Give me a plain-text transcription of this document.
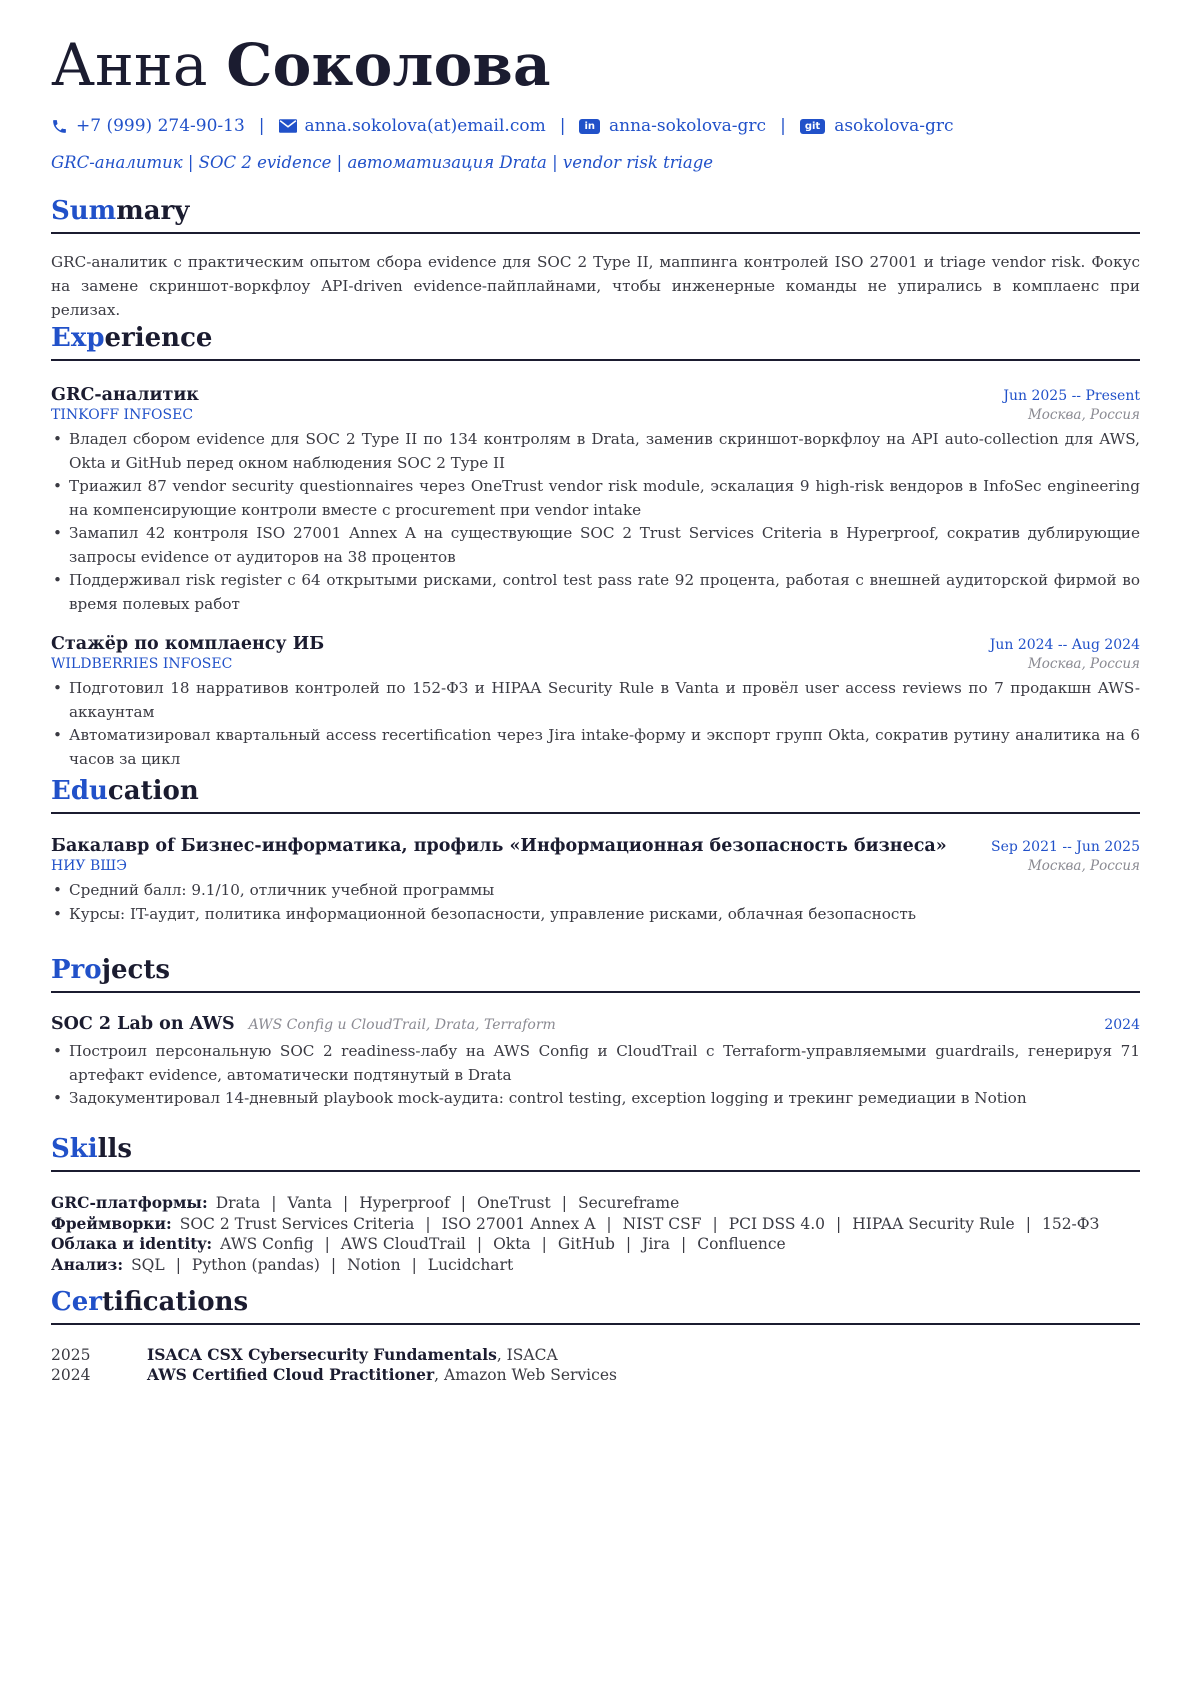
Анна Соколова
+7 (999) 274-90-13 | anna.sokolova(at)email.com |	in anna-sokolova-grc |	git asokolova-grc
GRC-аналитик | SOC 2 evidence | автоматизация Drata | vendor risk triage
Summary

GRC-аналитик с практическим опытом сбора evidence для SOC 2 Type II, маппинга контролей ISO 27001 и triage vendor risk. Фокус на замене скриншот-воркфлоу API-driven evidence-пайплайнами, чтобы инженерные команды не упирались в комплаенс при релизах.

Experience
GRC-аналитик	Jun 2025 -- Present
TINKOFF INFOSEC	Москва, Россия
• Владел сбором evidence для SOC 2 Type II по 134 контролям в Drata, заменив скриншот-воркфлоу на API auto-collection для AWS, Okta и GitHub перед окном наблюдения SOC 2 Type II
• Триажил 87 vendor security questionnaires через OneTrust vendor risk module, эскалация 9 high-risk вендоров в InfoSec engineering на компенсирующие контроли вместе с procurement при vendor intake
• Замапил 42 контроля ISO 27001 Annex A на существующие SOC 2 Trust Services Criteria в Hyperproof, сократив дублирующие запросы evidence от аудиторов на 38 процентов
• Поддерживал risk register с 64 открытыми рисками, control test pass rate 92 процента, работая с внешней аудиторской фирмой во время полевых работ
Стажёр по комплаенсу ИБ	Jun 2024 -- Aug 2024
WILDBERRIES INFOSEC	Москва, Россия
• Подготовил 18 нарративов контролей по 152-ФЗ и HIPAA Security Rule в Vanta и провёл user access reviews по 7 продакшн AWS-аккаунтам
• Автоматизировал квартальный access recertification через Jira intake-форму и экспорт групп Okta, сократив рутину аналитика на 6 часов за цикл
Education
Бакалавр of Бизнес-информатика, профиль «Информационная безопасность бизнеса»	Sep 2021 -- Jun 2025
НИУ ВШЭ	Москва, Россия
• Средний балл: 9.1/10, отличник учебной программы
• Курсы: IT-аудит, политика информационной безопасности, управление рисками, облачная безопасность
Projects
SOC 2 Lab on AWS AWS Config и CloudTrail, Drata, Terraform	2024
• Построил персональную SOC 2 readiness-лабу на AWS Config и CloudTrail с Terraform-управляемыми guardrails, генерируя 71 артефакт evidence, автоматически подтянутый в Drata
• Задокументировал 14-дневный playbook mock-аудита: control testing, exception logging и трекинг ремедиации в Notion
Skills
GRC-платформы: Drata | Vanta | Hyperproof | OneTrust | Secureframe
Фреймворки: SOC 2 Trust Services Criteria | ISO 27001 Annex A | NIST CSF | PCI DSS 4.0 | HIPAA Security Rule | 152-ФЗ
Облака и identity: AWS Config | AWS CloudTrail | Okta | GitHub | Jira | Confluence
Анализ: SQL | Python (pandas) | Notion | Lucidchart
Certifications
2025	ISACA CSX Cybersecurity Fundamentals, ISACA
2024	AWS Certified Cloud Practitioner, Amazon Web Services
